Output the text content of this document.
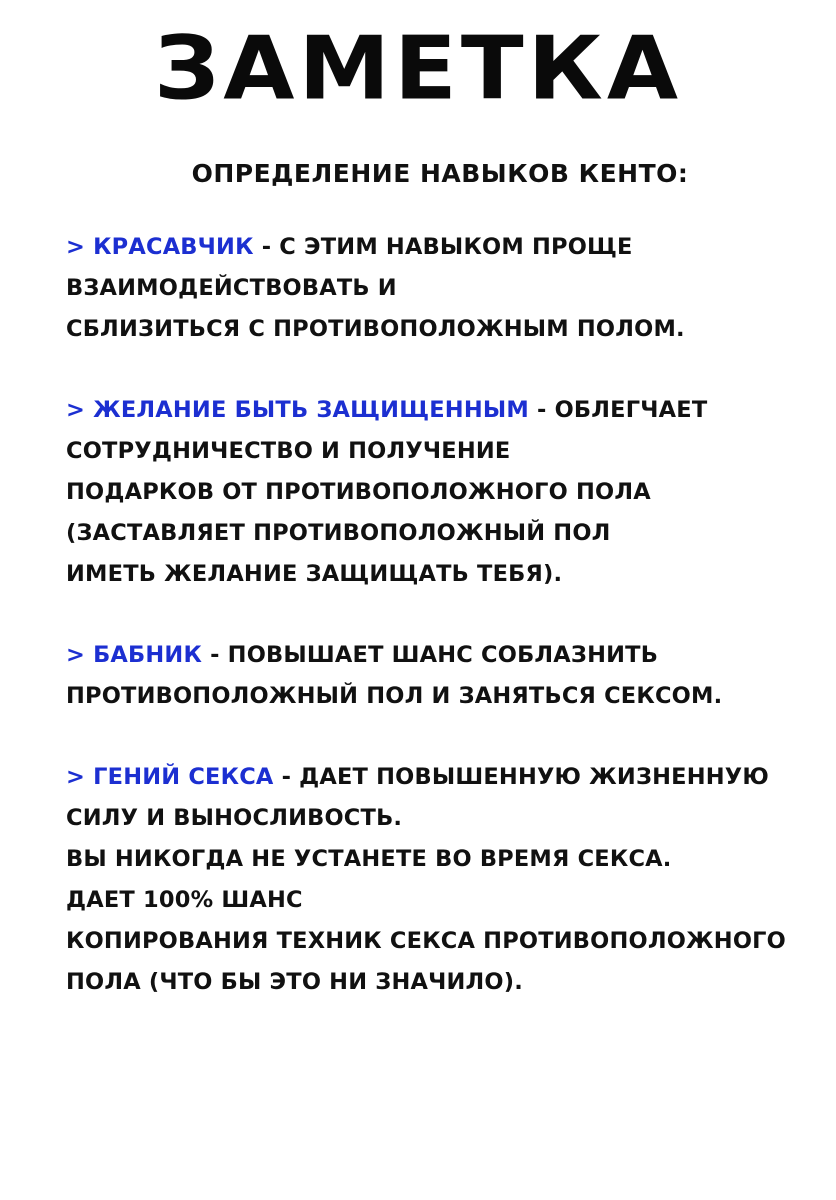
ЗАМЕТКА
ОПРЕДЕЛЕНИЕ НАВЫКОВ КЕНТО:
> КРАСАВЧИК - С ЭТИМ НАВЫКОМ ПРОЩЕ
ВЗАИМОДЕЙСТВОВАТЬ И
СБЛИЗИТЬСЯ С ПРОТИВОПОЛОЖНЫМ ПОЛОМ.
> ЖЕЛАНИЕ БЫТЬ ЗАЩИЩЕННЫМ - ОБЛЕГЧАЕТ
СОТРУДНИЧЕСТВО И ПОЛУЧЕНИЕ
ПОДАРКОВ ОТ ПРОТИВОПОЛОЖНОГО ПОЛА
(ЗАСТАВЛЯЕТ ПРОТИВОПОЛОЖНЫЙ ПОЛ
ИМЕТЬ ЖЕЛАНИЕ ЗАЩИЩАТЬ ТЕБЯ).
> БАБНИК - ПОВЫШАЕТ ШАНС СОБЛАЗНИТЬ
ПРОТИВОПОЛОЖНЫЙ ПОЛ И ЗАНЯТЬСЯ СЕКСОМ.
> ГЕНИЙ СЕКСА - ДАЕТ ПОВЫШЕННУЮ ЖИЗНЕННУЮ
СИЛУ И ВЫНОСЛИВОСТЬ.
ВЫ НИКОГДА НЕ УСТАНЕТЕ ВО ВРЕМЯ СЕКСА.
ДАЕТ 100% ШАНС
КОПИРОВАНИЯ ТЕХНИК СЕКСА ПРОТИВОПОЛОЖНОГО
ПОЛА (ЧТО БЫ ЭТО НИ ЗНАЧИЛО).
